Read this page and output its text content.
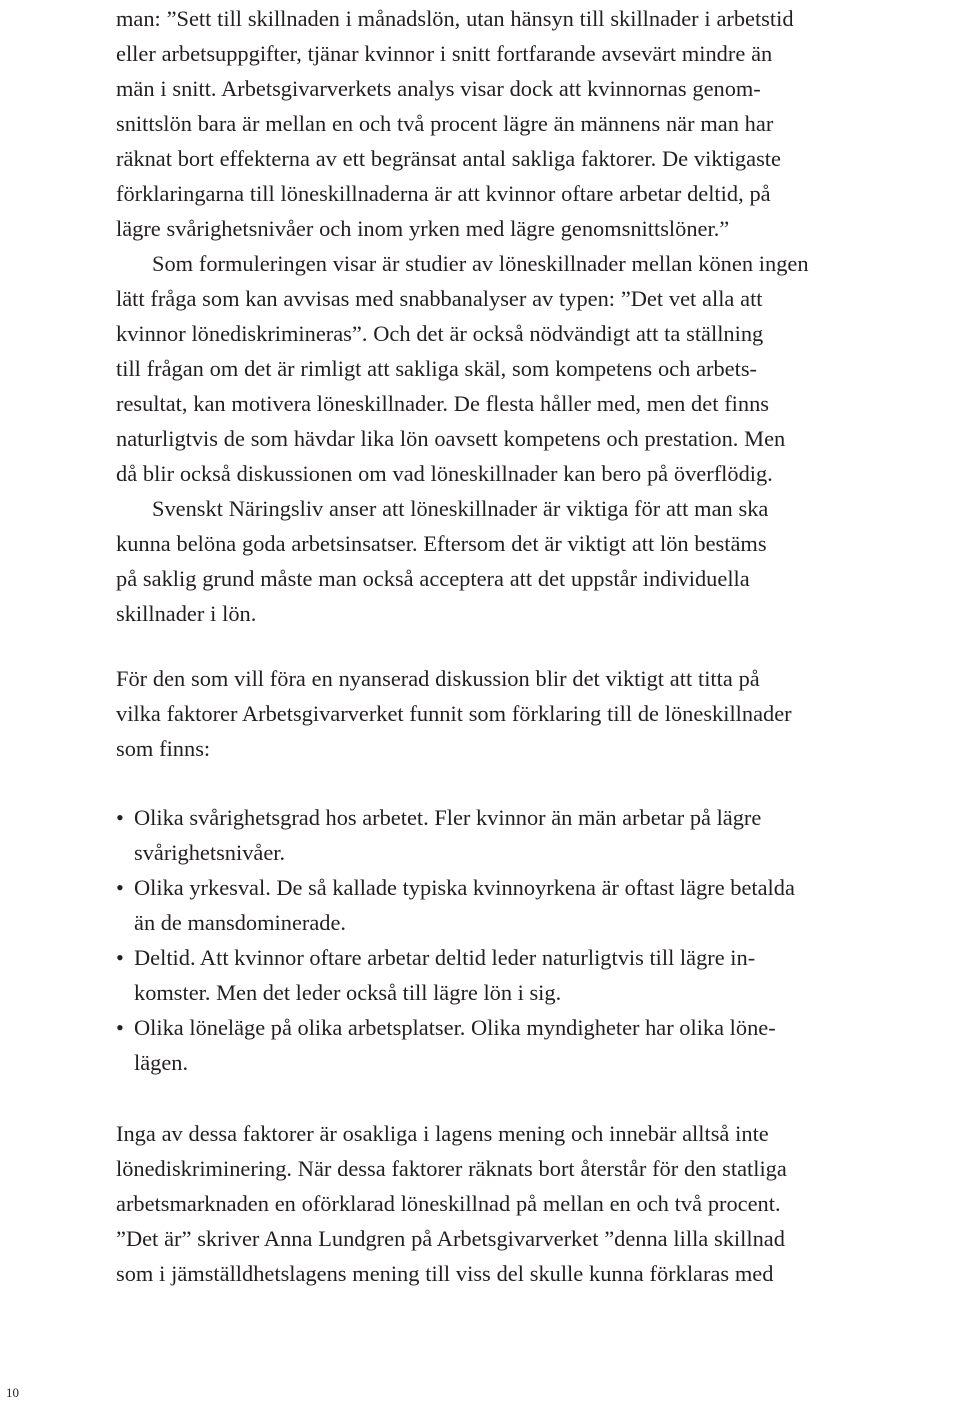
man: ”Sett till skillnaden i månadslön, utan hänsyn till skillnader i arbetstid
eller arbetsuppgifter, tjänar kvinnor i snitt fortfarande avsevärt mindre än
män i snitt. Arbetsgivarverkets analys visar dock att kvinnornas genom-
snittslön bara är mellan en och två procent lägre än männens när man har
räknat bort effekterna av ett begränsat antal sakliga faktorer. De viktigaste
förklaringarna till löneskillnaderna är att kvinnor oftare arbetar deltid, på
lägre svårighetsnivåer och inom yrken med lägre genomsnittslöner.”

Som formuleringen visar är studier av löneskillnader mellan könen ingen
lätt fråga som kan avvisas med snabbanalyser av typen: ”Det vet alla att
kvinnor lönediskrimineras”. Och det är också nödvändigt att ta ställning
till frågan om det är rimligt att sakliga skäl, som kompetens och arbets-
resultat, kan motivera löneskillnader. De flesta håller med, men det finns
naturligtvis de som hävdar lika lön oavsett kompetens och prestation. Men
då blir också diskussionen om vad löneskillnader kan bero på överflödig.

Svenskt Näringsliv anser att löneskillnader är viktiga för att man ska
kunna belöna goda arbetsinsatser. Eftersom det är viktigt att lön bestäms
på saklig grund måste man också acceptera att det uppstår individuella
skillnader i lön.

För den som vill föra en nyanserad diskussion blir det viktigt att titta på
vilka faktorer Arbetsgivarverket funnit som förklaring till de löneskillnader
som finns:

• Olika svårighetsgrad hos arbetet. Fler kvinnor än män arbetar på lägre
svårighetsnivåer.
• Olika yrkesval. De så kallade typiska kvinnoyrkena är oftast lägre betalda
än de mansdominerade.
• Deltid. Att kvinnor oftare arbetar deltid leder naturligtvis till lägre in-
komster. Men det leder också till lägre lön i sig.
• Olika löneläge på olika arbetsplatser. Olika myndigheter har olika löne-
lägen.

Inga av dessa faktorer är osakliga i lagens mening och innebär alltså inte
lönediskriminering. När dessa faktorer räknats bort återstår för den statliga
arbetsmarknaden en oförklarad löneskillnad på mellan en och två procent.
”Det är” skriver Anna Lundgren på Arbetsgivarverket ”denna lilla skillnad
som i jämställdhetslagens mening till viss del skulle kunna förklaras med

10
